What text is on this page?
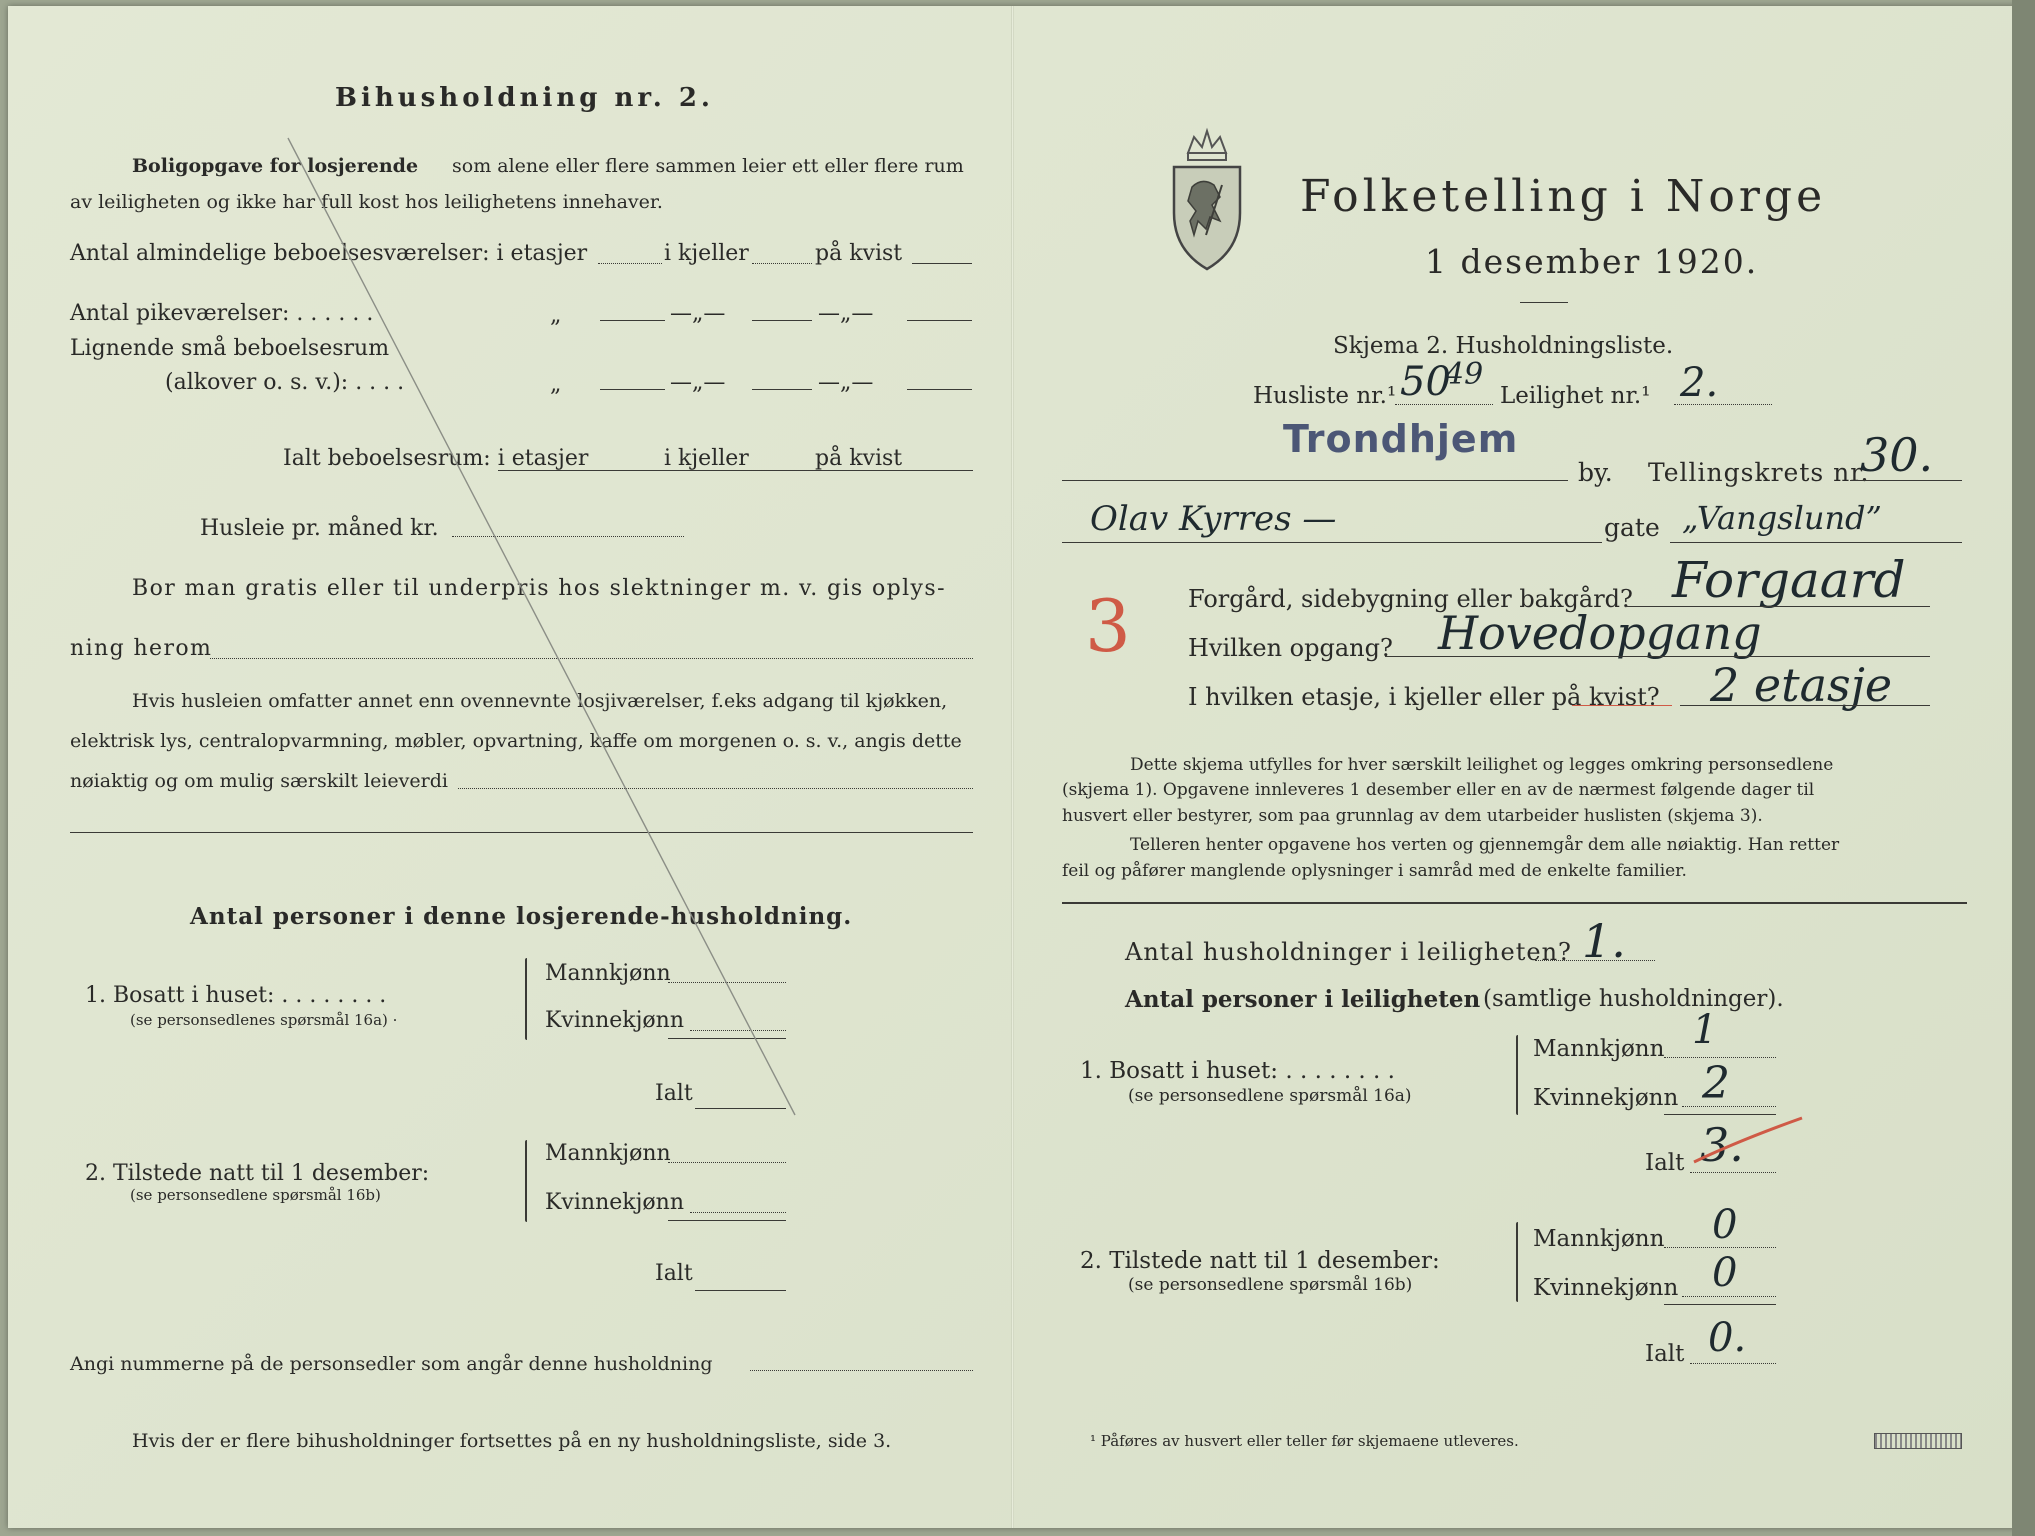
Bihusholdning nr. 2.
Boligopgave for losjerende som alene eller flere sammen leier ett eller flere rum
av leiligheten og ikke har full kost hos leilighetens innehaver.
Antal almindelige beboelsesværelser: i etasjer	i kjeller	på kvist
Antal pikeværelser: . . . . . .	„	—„—	—„—
Lignende små beboelsesrum
(alkover o. s. v.): . . . .	„	—„—	—„—
Ialt beboelsesrum: i etasjer	i kjeller	på kvist
Husleie pr. måned kr.
Bor man gratis eller til underpris hos slektninger m. v. gis oplys-
ning herom
Hvis husleien omfatter annet enn ovennevnte losjiværelser, f.eks adgang til kjøkken,
elektrisk lys, centralopvarmning, møbler, opvartning, kaffe om morgenen o. s. v., angis dette
nøiaktig og om mulig særskilt leieverdi
Antal personer i denne losjerende-husholdning.
1. Bosatt i huset: . . . . . . . .
(se personsedlenes spørsmål 16a) ·
Mannkjønn
Kvinnekjønn
Ialt
2. Tilstede natt til 1 desember:
(se personsedlene spørsmål 16b)
Mannkjønn
Kvinnekjønn
Ialt
Angi nummerne på de personsedler som angår denne husholdning
Hvis der er flere bihusholdninger fortsettes på en ny husholdningsliste, side 3.
Folketelling i Norge
1 desember 1920.
Skjema 2. Husholdningsliste.
Husliste nr.¹ 50
49
Leilighet nr.¹ 2.
Trondhjem
by. Tellingskrets nr.
30.
Olav Kyrres —	gate „Vangslund”
3 Forgård, sidebygning eller bakgård? Forgaard
Hvilken opgang? Hovedopgang
I hvilken etasje, i kjeller eller på kvist? 2 etasje
Dette skjema utfylles for hver særskilt leilighet og legges omkring personsedlene
(skjema 1). Opgavene innleveres 1 desember eller en av de nærmest følgende dager til
husvert eller bestyrer, som paa grunnlag av dem utarbeider huslisten (skjema 3).
Telleren henter opgavene hos verten og gjennemgår dem alle nøiaktig. Han retter
feil og påfører manglende oplysninger i samråd med de enkelte familier.
Antal husholdninger i leiligheten? 1.
Antal personer i leiligheten (samtlige husholdninger).
1. Bosatt i huset: . . . . . . . .
(se personsedlene spørsmål 16a)
Mannkjønn 1
Kvinnekjønn 2
Ialt 3.
2. Tilstede natt til 1 desember:
(se personsedlene spørsmål 16b)
Mannkjønn 0
Kvinnekjønn 0
Ialt 0.
¹ Påføres av husvert eller teller før skjemaene utleveres.
